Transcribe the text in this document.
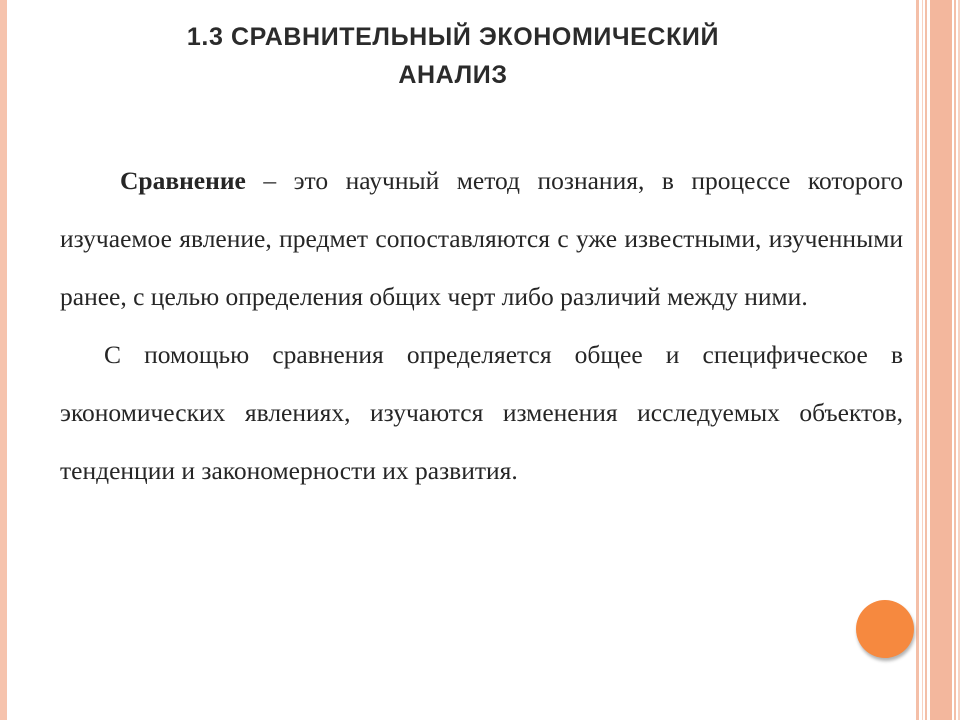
1.3 СРАВНИТЕЛЬНЫЙ ЭКОНОМИЧЕСКИЙ
АНАЛИЗ

Сравнение – это научный метод познания, в процессе которого изучаемое явление, предмет сопоставляются с уже известными, изученными ранее, с целью определения общих черт либо различий между ними.

С помощью сравнения определяется общее и специфическое в экономических явлениях, изучаются изменения исследуемых объектов, тенденции и закономерности их развития.
